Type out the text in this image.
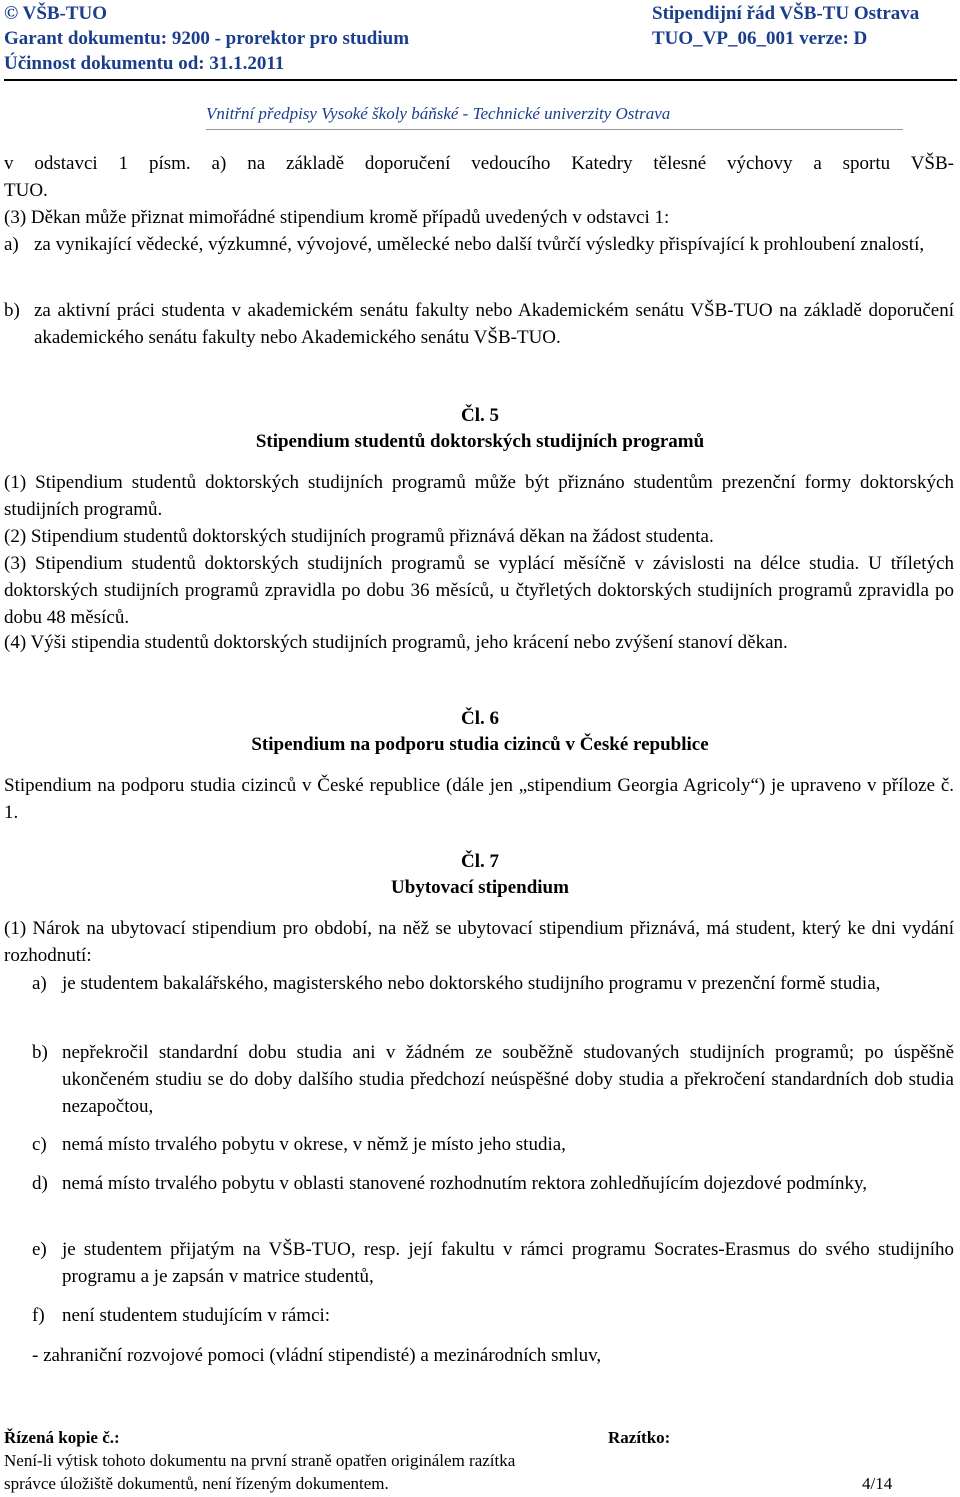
© VŠB-TUO
Garant dokumentu: 9200 - prorektor pro studium
Účinnost dokumentu od: 31.1.2011
Stipendijní řád VŠB-TU Ostrava
TUO_VP_06_001 verze: D
Vnitřní předpisy Vysoké školy báňské - Technické univerzity Ostrava
v odstavci 1 písm. a) na základě doporučení vedoucího Katedry tělesné výchovy a sportu VŠB-
TUO.
(3) Děkan může přiznat mimořádné stipendium kromě případů uvedených v odstavci 1:
a) za vynikající vědecké, výzkumné, vývojové, umělecké nebo další tvůrčí výsledky přispívající k prohloubení znalostí,
b) za aktivní práci studenta v akademickém senátu fakulty nebo Akademickém senátu VŠB-TUO na základě doporučení akademického senátu fakulty nebo Akademického senátu VŠB-TUO.
Čl. 5
Stipendium studentů doktorských studijních programů
(1) Stipendium studentů doktorských studijních programů může být přiznáno studentům prezenční formy doktorských studijních programů.
(2) Stipendium studentů doktorských studijních programů přiznává děkan na žádost studenta.
(3) Stipendium studentů doktorských studijních programů se vyplácí měsíčně v závislosti na délce studia. U tříletých doktorských studijních programů zpravidla po dobu 36 měsíců, u čtyřletých doktorských studijních programů zpravidla po dobu 48 měsíců.
(4) Výši stipendia studentů doktorských studijních programů, jeho krácení nebo zvýšení stanoví děkan.
Čl. 6
Stipendium na podporu studia cizinců v České republice
Stipendium na podporu studia cizinců v České republice (dále jen „stipendium Georgia Agricoly“) je upraveno v příloze č. 1.
Čl. 7
Ubytovací stipendium
(1) Nárok na ubytovací stipendium pro období, na něž se ubytovací stipendium přiznává, má student, který ke dni vydání rozhodnutí:
a) je studentem bakalářského, magisterského nebo doktorského studijního programu v prezenční formě studia,
b) nepřekročil standardní dobu studia ani v žádném ze souběžně studovaných studijních programů; po úspěšně ukončeném studiu se do doby dalšího studia předchozí neúspěšné doby studia a překročení standardních dob studia nezapočtou,
c) nemá místo trvalého pobytu v okrese, v němž je místo jeho studia,
d) nemá místo trvalého pobytu v oblasti stanovené rozhodnutím rektora zohledňujícím dojezdové podmínky,
e) je studentem přijatým na VŠB-TUO, resp. její fakultu v rámci programu Socrates-Erasmus do svého studijního programu a je zapsán v matrice studentů,
f) není studentem studujícím v rámci:
- zahraniční rozvojové pomoci (vládní stipendisté) a mezinárodních smluv,
Řízená kopie č.:	Razítko:
Není-li výtisk tohoto dokumentu na první straně opatřen originálem razítka
správce úložiště dokumentů, není řízeným dokumentem.	4/14
